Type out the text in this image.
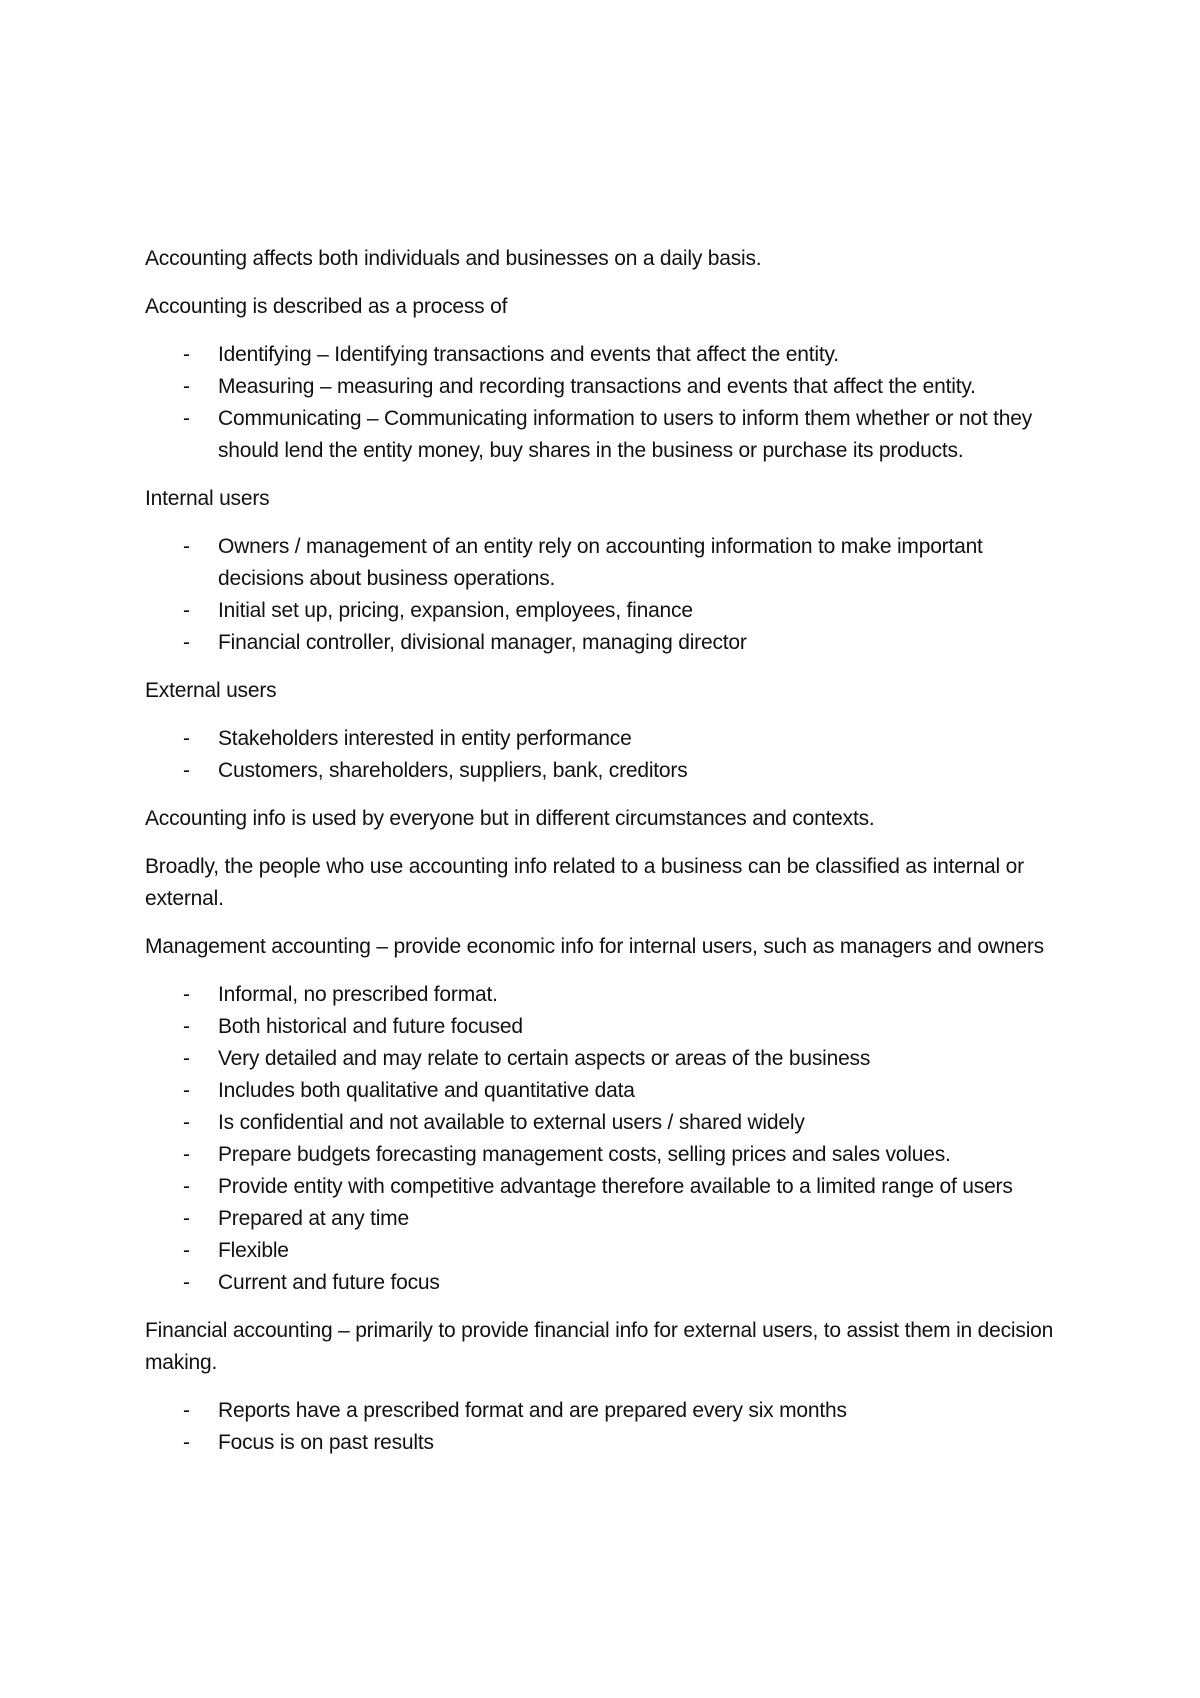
Accounting affects both individuals and businesses on a daily basis.

Accounting is described as a process of

- Identifying – Identifying transactions and events that affect the entity.
- Measuring – measuring and recording transactions and events that affect the entity.
- Communicating – Communicating information to users to inform them whether or not they should lend the entity money, buy shares in the business or purchase its products.

Internal users

- Owners / management of an entity rely on accounting information to make important decisions about business operations.
- Initial set up, pricing, expansion, employees, finance
- Financial controller, divisional manager, managing director

External users

- Stakeholders interested in entity performance
- Customers, shareholders, suppliers, bank, creditors

Accounting info is used by everyone but in different circumstances and contexts.

Broadly, the people who use accounting info related to a business can be classified as internal or external.

Management accounting – provide economic info for internal users, such as managers and owners

- Informal, no prescribed format.
- Both historical and future focused
- Very detailed and may relate to certain aspects or areas of the business
- Includes both qualitative and quantitative data
- Is confidential and not available to external users / shared widely
- Prepare budgets forecasting management costs, selling prices and sales volues.
- Provide entity with competitive advantage therefore available to a limited range of users
- Prepared at any time
- Flexible
- Current and future focus

Financial accounting – primarily to provide financial info for external users, to assist them in decision making.

- Reports have a prescribed format and are prepared every six months
- Focus is on past results
